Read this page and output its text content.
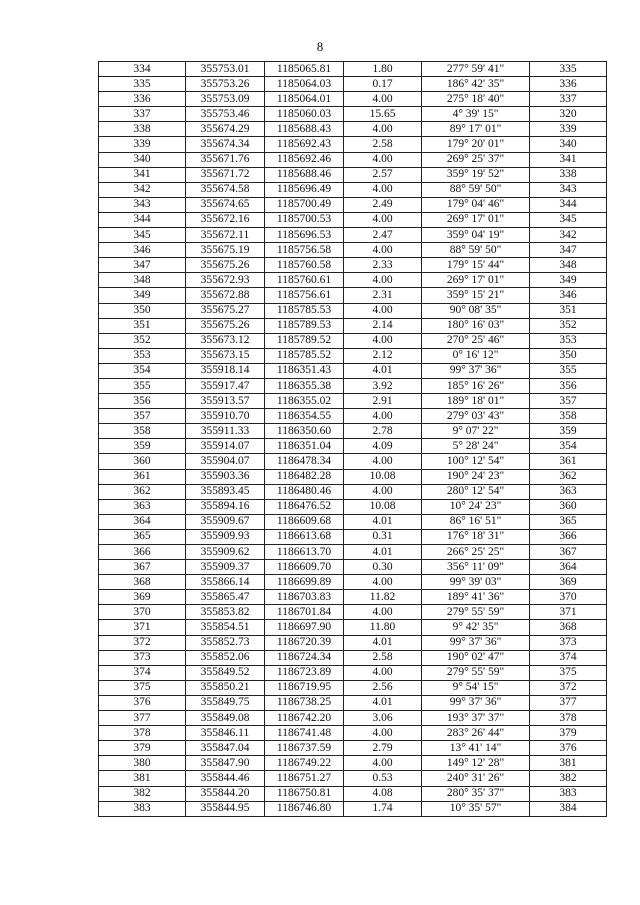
8
334	355753.01	1185065.81	1.80	277° 59' 41"	335
335	355753.26	1185064.03	0.17	186° 42' 35"	336
336	355753.09	1185064.01	4.00	275° 18' 40"	337
337	355753.46	1185060.03	15.65	4° 39' 15"	320
338	355674.29	1185688.43	4.00	89° 17' 01"	339
339	355674.34	1185692.43	2.58	179° 20' 01"	340
340	355671.76	1185692.46	4.00	269° 25' 37"	341
341	355671.72	1185688.46	2.57	359° 19' 52"	338
342	355674.58	1185696.49	4.00	88° 59' 50"	343
343	355674.65	1185700.49	2.49	179° 04' 46"	344
344	355672.16	1185700.53	4.00	269° 17' 01"	345
345	355672.11	1185696.53	2.47	359° 04' 19"	342
346	355675.19	1185756.58	4.00	88° 59' 50"	347
347	355675.26	1185760.58	2.33	179° 15' 44"	348
348	355672.93	1185760.61	4.00	269° 17' 01"	349
349	355672.88	1185756.61	2.31	359° 15' 21"	346
350	355675.27	1185785.53	4.00	90° 08' 35"	351
351	355675.26	1185789.53	2.14	180° 16' 03"	352
352	355673.12	1185789.52	4.00	270° 25' 46"	353
353	355673.15	1185785.52	2.12	0° 16' 12"	350
354	355918.14	1186351.43	4.01	99° 37' 36"	355
355	355917.47	1186355.38	3.92	185° 16' 26"	356
356	355913.57	1186355.02	2.91	189° 18' 01"	357
357	355910.70	1186354.55	4.00	279° 03' 43"	358
358	355911.33	1186350.60	2.78	9° 07' 22"	359
359	355914.07	1186351.04	4.09	5° 28' 24"	354
360	355904.07	1186478.34	4.00	100° 12' 54"	361
361	355903.36	1186482.28	10.08	190° 24' 23"	362
362	355893.45	1186480.46	4.00	280° 12' 54"	363
363	355894.16	1186476.52	10.08	10° 24' 23"	360
364	355909.67	1186609.68	4.01	86° 16' 51"	365
365	355909.93	1186613.68	0.31	176° 18' 31"	366
366	355909.62	1186613.70	4.01	266° 25' 25"	367
367	355909.37	1186609.70	0.30	356° 11' 09"	364
368	355866.14	1186699.89	4.00	99° 39' 03"	369
369	355865.47	1186703.83	11.82	189° 41' 36"	370
370	355853.82	1186701.84	4.00	279° 55' 59"	371
371	355854.51	1186697.90	11.80	9° 42' 35"	368
372	355852.73	1186720.39	4.01	99° 37' 36"	373
373	355852.06	1186724.34	2.58	190° 02' 47"	374
374	355849.52	1186723.89	4.00	279° 55' 59"	375
375	355850.21	1186719.95	2.56	9° 54' 15"	372
376	355849.75	1186738.25	4.01	99° 37' 36"	377
377	355849.08	1186742.20	3.06	193° 37' 37"	378
378	355846.11	1186741.48	4.00	283° 26' 44"	379
379	355847.04	1186737.59	2.79	13° 41' 14"	376
380	355847.90	1186749.22	4.00	149° 12' 28"	381
381	355844.46	1186751.27	0.53	240° 31' 26"	382
382	355844.20	1186750.81	4.08	280° 35' 37"	383
383	355844.95	1186746.80	1.74	10° 35' 57"	384
